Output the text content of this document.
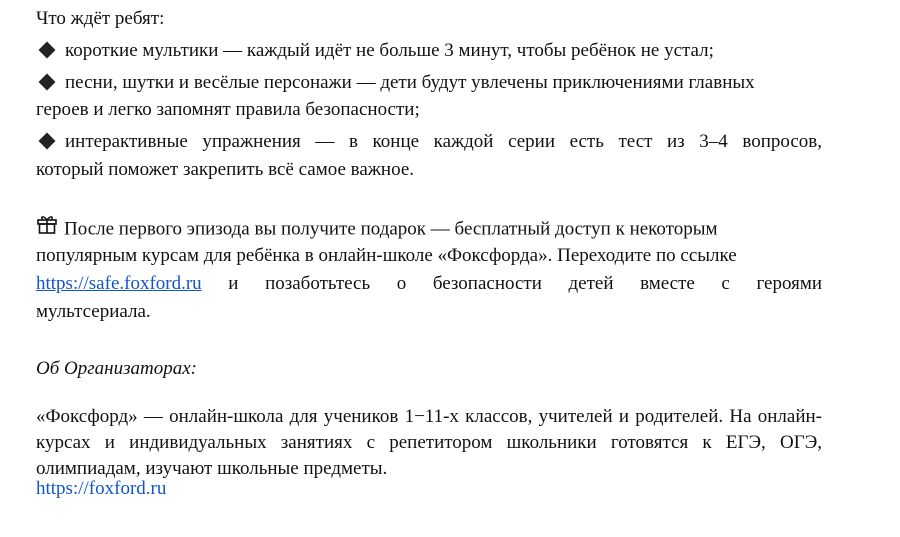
Что ждёт ребят:
короткие мультики — каждый идёт не больше 3 минут, чтобы ребёнок не устал;
песни, шутки и весёлые персонажи — дети будут увлечены приключениями главных
героев и легко запомнят правила безопасности;
интерактивные упражнения — в конце каждой серии есть тест из 3–4 вопросов,
который поможет закрепить всё самое важное.
После первого эпизода вы получите подарок — бесплатный доступ к некоторым
популярным курсам для ребёнка в онлайн-школе «Фоксфорда». Переходите по ссылке
https://safe.foxford.ru и позаботьтесь о безопасности детей вместе с героями
мультсериала.
Об Организаторах:
«Фоксфорд» — онлайн-школа для учеников 1−11-х классов, учителей и родителей. На онлайн-
курсах и индивидуальных занятиях с репетитором школьники готовятся к ЕГЭ, ОГЭ,
олимпиадам, изучают школьные предметы.
https://foxford.ru
